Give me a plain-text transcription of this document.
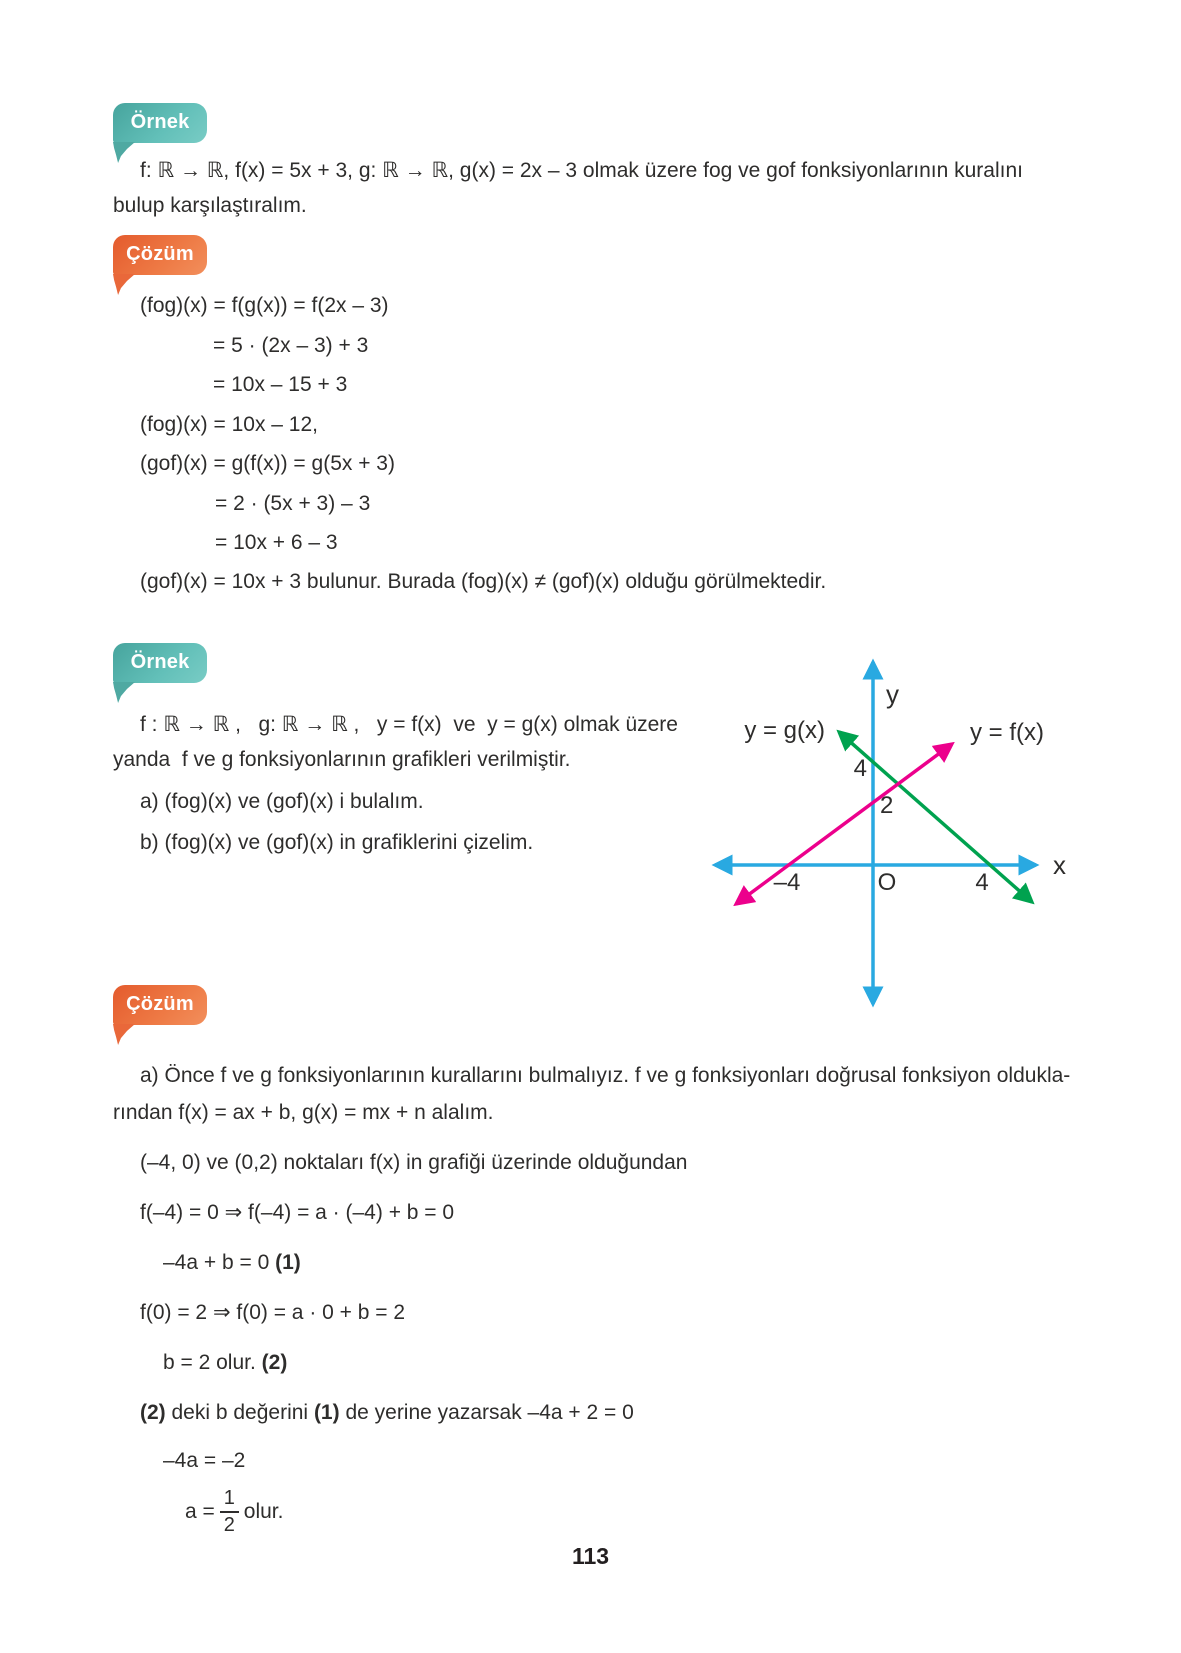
Örnek
f: ℝ → ℝ, f(x) = 5x + 3, g: ℝ → ℝ, g(x) = 2x – 3 olmak üzere fog ve gof fonksiyonlarının kuralını
bulup karşılaştıralım.
Çözüm
(fog)(x) = f(g(x)) = f(2x – 3)
= 5 · (2x – 3) + 3
= 10x – 15 + 3
(fog)(x) = 10x – 12,
(gof)(x) = g(f(x)) = g(5x + 3)
= 2 · (5x + 3) – 3
= 10x + 6 – 3
(gof)(x) = 10x + 3 bulunur. Burada (fog)(x) ≠ (gof)(x) olduğu görülmektedir.
Örnek
f : ℝ → ℝ ,   g: ℝ → ℝ ,   y = f(x)  ve  y = g(x) olmak üzere
yanda  f ve g fonksiyonlarının grafikleri verilmiştir.
a) (fog)(x) ve (gof)(x) i bulalım.
b) (fog)(x) ve (gof)(x) in grafiklerini çizelim.
y
x
4
2
–4	O	4
y = g(x)	y = f(x)
Çözüm
a) Önce f ve g fonksiyonlarının kurallarını bulmalıyız. f ve g fonksiyonları doğrusal fonksiyon oldukla-
rından f(x) = ax + b, g(x) = mx + n alalım.
(–4, 0) ve (0,2) noktaları f(x) in grafiği üzerinde olduğundan
f(–4) = 0 ⇒ f(–4) = a · (–4) + b = 0
–4a + b = 0 (1)
f(0) = 2 ⇒ f(0) = a · 0 + b = 2
b = 2 olur. (2)
(2) deki b değerini (1) de yerine yazarsak –4a + 2 = 0
–4a = –2
$a = \frac{1}{2}$ olur.
113
